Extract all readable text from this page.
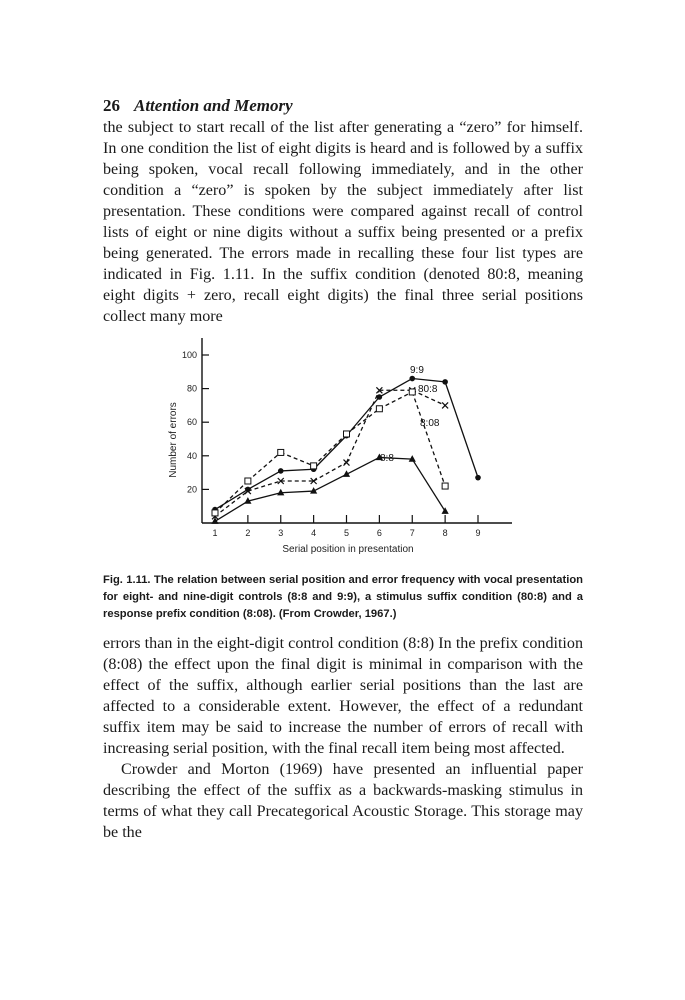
26 Attention and Memory

the subject to start recall of the list after generating a “zero” for himself. In one condition the list of eight digits is heard and is followed by a suffix being spoken, vocal recall following immediately, and in the other condition a “zero” is spoken by the subject immediately after list presentation. These conditions were compared against recall of control lists of eight or nine digits without a suffix being presented or a prefix being generated. The errors made in recalling these four list types are indicated in Fig. 1.11. In the suffix condition (denoted 80:8, meaning eight digits + zero, recall eight digits) the final three serial positions collect many more

20
40
60
80
100
1	2	3	4	5	6	7	8	9
Serial position in presentation
Number of errors
9:9
80:8
8:08
8:8

Fig. 1.11. The relation between serial position and error frequency with vocal presentation for eight- and nine-digit controls (8:8 and 9:9), a stimulus suffix condition (80:8) and a response prefix condition (8:08). (From Crowder, 1967.)

errors than in the eight-digit control condition (8:8) In the prefix condition (8:08) the effect upon the final digit is minimal in comparison with the effect of the suffix, although earlier serial positions than the last are affected to a considerable extent. However, the effect of a redundant suffix item may be said to increase the number of errors of recall with increasing serial position, with the final recall item being most affected.

Crowder and Morton (1969) have presented an influential paper describing the effect of the suffix as a backwards-masking stimulus in terms of what they call Precategorical Acoustic Storage. This storage may be the
